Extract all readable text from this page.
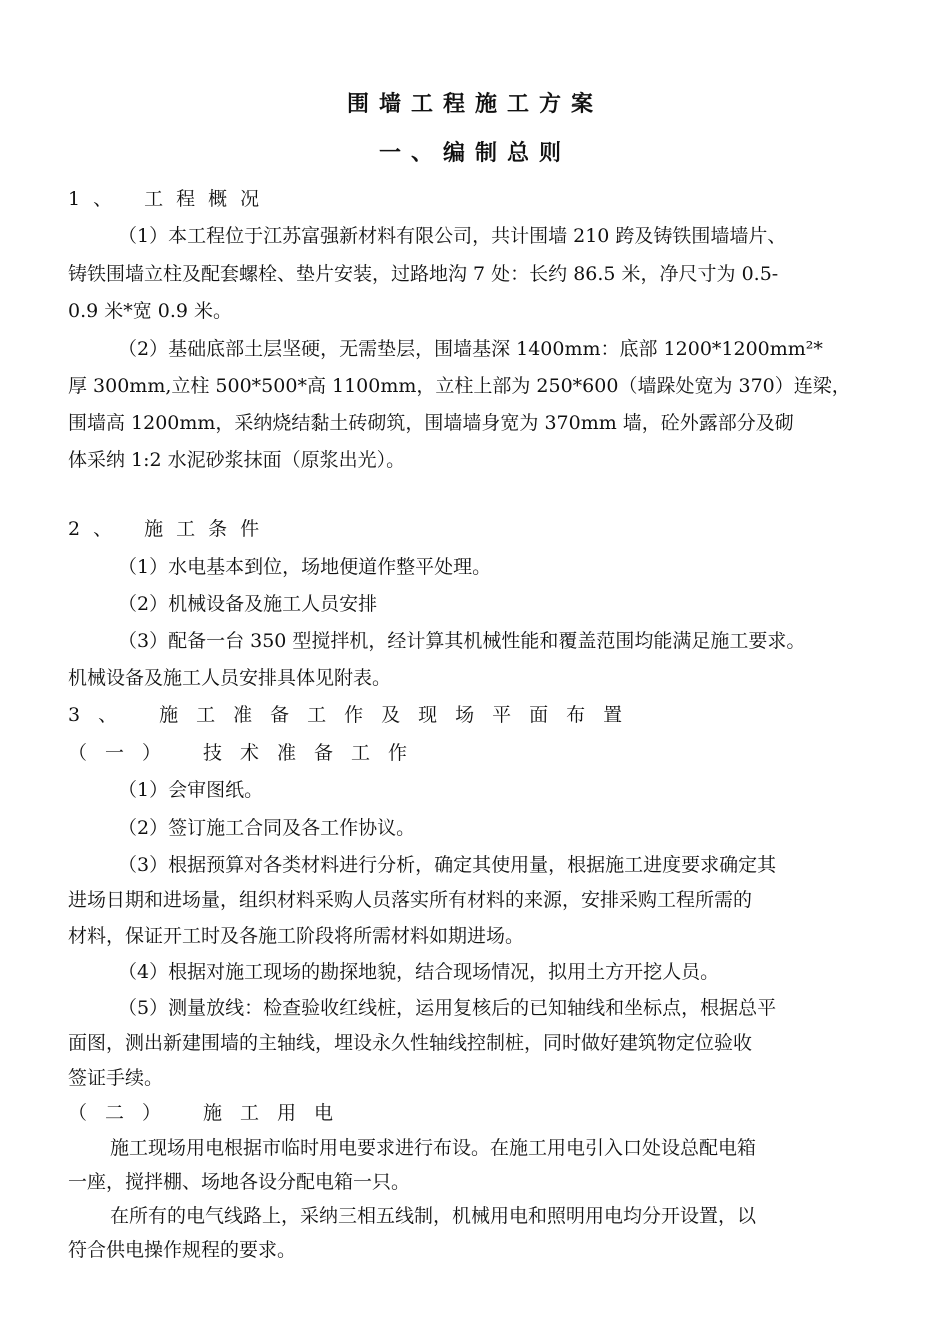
围墙工程施工方案
一、编制总则
1、 工程概况
（1）本工程位于江苏富强新材料有限公司，共计围墙 210 跨及铸铁围墙墙片、
铸铁围墙立柱及配套螺栓、垫片安装，过路地沟 7 处：长约 86.5 米，净尺寸为 0.5-
0.9 米*宽 0.9 米。
（2）基础底部土层坚硬，无需垫层，围墙基深 1400mm：底部 1200*1200mm²*
厚 300mm,立柱 500*500*高 1100mm，立柱上部为 250*600（墙跺处宽为 370）连梁，
围墙高 1200mm，采纳烧结黏土砖砌筑，围墙墙身宽为 370mm 墙，砼外露部分及砌
体采纳 1:2 水泥砂浆抹面（原浆出光）。
2、 施工条件
（1）水电基本到位，场地便道作整平处理。
（2）机械设备及施工人员安排
（3）配备一台 350 型搅拌机，经计算其机械性能和覆盖范围均能满足施工要求。
机械设备及施工人员安排具体见附表。
3、 施工准备工作及现场平面布置
（一） 技术准备工作
（1）会审图纸。
（2）签订施工合同及各工作协议。
（3）根据预算对各类材料进行分析，确定其使用量，根据施工进度要求确定其
进场日期和进场量，组织材料采购人员落实所有材料的来源，安排采购工程所需的
材料，保证开工时及各施工阶段将所需材料如期进场。
（4）根据对施工现场的勘探地貌，结合现场情况，拟用土方开挖人员。
（5）测量放线：检查验收红线桩，运用复核后的已知轴线和坐标点，根据总平
面图，测出新建围墙的主轴线，埋设永久性轴线控制桩，同时做好建筑物定位验收
签证手续。
（二） 施工用电
施工现场用电根据市临时用电要求进行布设。在施工用电引入口处设总配电箱
一座，搅拌棚、场地各设分配电箱一只。
在所有的电气线路上，采纳三相五线制，机械用电和照明用电均分开设置，以
符合供电操作规程的要求。
